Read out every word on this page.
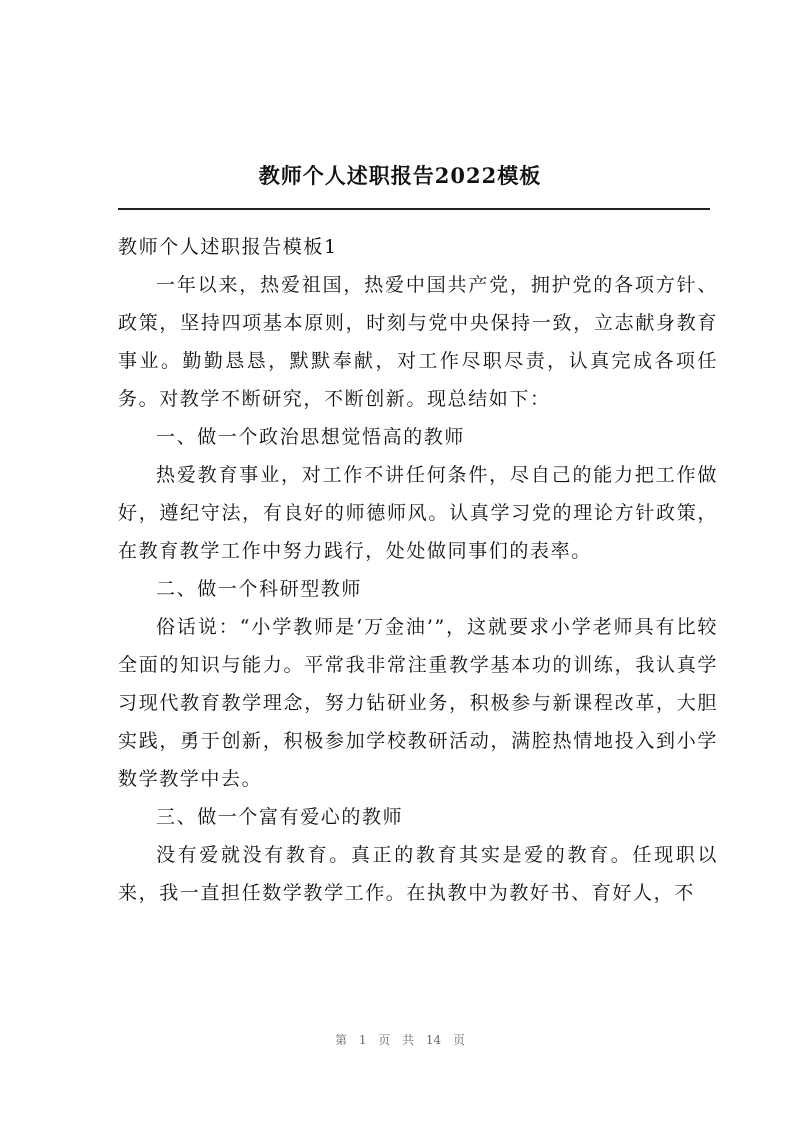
教师个人述职报告2022模板

教师个人述职报告模板1

一年以来，热爱祖国，热爱中国共产党，拥护党的各项方针、政策，坚持四项基本原则，时刻与党中央保持一致，立志献身教育事业。勤勤恳恳，默默奉献，对工作尽职尽责，认真完成各项任务。对教学不断研究，不断创新。现总结如下：

一、做一个政治思想觉悟高的教师

热爱教育事业，对工作不讲任何条件，尽自己的能力把工作做好，遵纪守法，有良好的师德师风。认真学习党的理论方针政策，在教育教学工作中努力践行，处处做同事们的表率。

二、做一个科研型教师

俗话说：“小学教师是‘万金油’”，这就要求小学老师具有比较全面的知识与能力。平常我非常注重教学基本功的训练，我认真学习现代教育教学理念，努力钻研业务，积极参与新课程改革，大胆实践，勇于创新，积极参加学校教研活动，满腔热情地投入到小学数学教学中去。

三、做一个富有爱心的教师

没有爱就没有教育。真正的教育其实是爱的教育。任现职以来，我一直担任数学教学工作。在执教中为教好书、育好人，不

第 1 页 共 14 页
